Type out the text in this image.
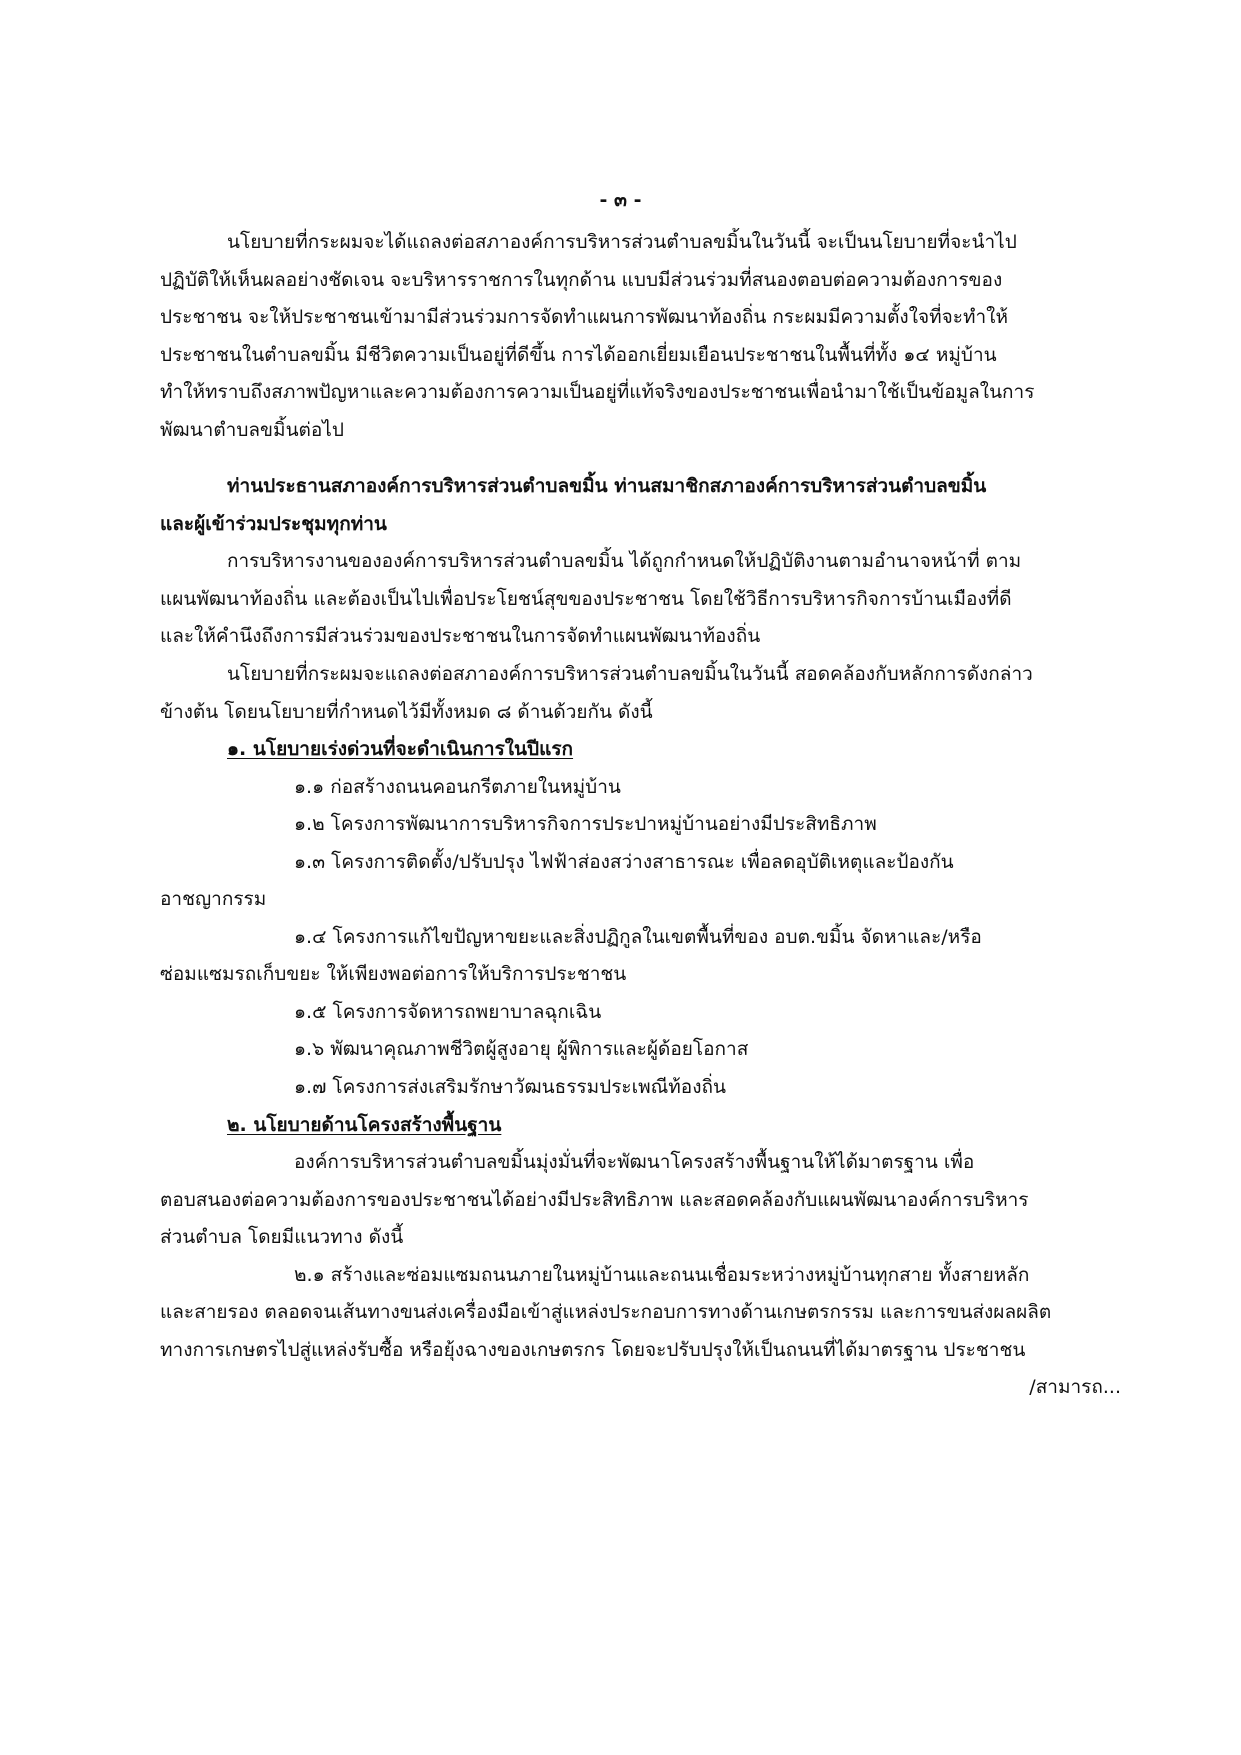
- ๓ -
นโยบายที่กระผมจะได้แถลงต่อสภาองค์การบริหารส่วนตำบลขมิ้นในวันนี้ จะเป็นนโยบายที่จะนำไป
ปฏิบัติให้เห็นผลอย่างชัดเจน จะบริหารราชการในทุกด้าน แบบมีส่วนร่วมที่สนองตอบต่อความต้องการของ
ประชาชน จะให้ประชาชนเข้ามามีส่วนร่วมการจัดทำแผนการพัฒนาท้องถิ่น กระผมมีความตั้งใจที่จะทำให้
ประชาชนในตำบลขมิ้น มีชีวิตความเป็นอยู่ที่ดีขึ้น การได้ออกเยี่ยมเยือนประชาชนในพื้นที่ทั้ง ๑๔ หมู่บ้าน
ทำให้ทราบถึงสภาพปัญหาและความต้องการความเป็นอยู่ที่แท้จริงของประชาชนเพื่อนำมาใช้เป็นข้อมูลในการ
พัฒนาตำบลขมิ้นต่อไป
ท่านประธานสภาองค์การบริหารส่วนตำบลขมิ้น ท่านสมาชิกสภาองค์การบริหารส่วนตำบลขมิ้น
และผู้เข้าร่วมประชุมทุกท่าน
การบริหารงานขององค์การบริหารส่วนตำบลขมิ้น ได้ถูกกำหนดให้ปฏิบัติงานตามอำนาจหน้าที่ ตาม
แผนพัฒนาท้องถิ่น และต้องเป็นไปเพื่อประโยชน์สุขของประชาชน โดยใช้วิธีการบริหารกิจการบ้านเมืองที่ดี
และให้คำนึงถึงการมีส่วนร่วมของประชาชนในการจัดทำแผนพัฒนาท้องถิ่น
นโยบายที่กระผมจะแถลงต่อสภาองค์การบริหารส่วนตำบลขมิ้นในวันนี้ สอดคล้องกับหลักการดังกล่าว
ข้างต้น โดยนโยบายที่กำหนดไว้มีทั้งหมด ๘ ด้านด้วยกัน ดังนี้
๑. นโยบายเร่งด่วนที่จะดำเนินการในปีแรก
๑.๑ ก่อสร้างถนนคอนกรีตภายในหมู่บ้าน
๑.๒ โครงการพัฒนาการบริหารกิจการประปาหมู่บ้านอย่างมีประสิทธิภาพ
๑.๓ โครงการติดตั้ง/ปรับปรุง ไฟฟ้าส่องสว่างสาธารณะ เพื่อลดอุบัติเหตุและป้องกัน
อาชญากรรม
๑.๔ โครงการแก้ไขปัญหาขยะและสิ่งปฏิกูลในเขตพื้นที่ของ อบต.ขมิ้น จัดหาและ/หรือ
ซ่อมแซมรถเก็บขยะ ให้เพียงพอต่อการให้บริการประชาชน
๑.๕ โครงการจัดหารถพยาบาลฉุกเฉิน
๑.๖ พัฒนาคุณภาพชีวิตผู้สูงอายุ ผู้พิการและผู้ด้อยโอกาส
๑.๗ โครงการส่งเสริมรักษาวัฒนธรรมประเพณีท้องถิ่น
๒. นโยบายด้านโครงสร้างพื้นฐาน
องค์การบริหารส่วนตำบลขมิ้นมุ่งมั่นที่จะพัฒนาโครงสร้างพื้นฐานให้ได้มาตรฐาน เพื่อ
ตอบสนองต่อความต้องการของประชาชนได้อย่างมีประสิทธิภาพ และสอดคล้องกับแผนพัฒนาองค์การบริหาร
ส่วนตำบล โดยมีแนวทาง ดังนี้
๒.๑ สร้างและซ่อมแซมถนนภายในหมู่บ้านและถนนเชื่อมระหว่างหมู่บ้านทุกสาย ทั้งสายหลัก
และสายรอง ตลอดจนเส้นทางขนส่งเครื่องมือเข้าสู่แหล่งประกอบการทางด้านเกษตรกรรม และการขนส่งผลผลิต
ทางการเกษตรไปสู่แหล่งรับซื้อ หรือยุ้งฉางของเกษตรกร โดยจะปรับปรุงให้เป็นถนนที่ได้มาตรฐาน ประชาชน
/สามารถ...
